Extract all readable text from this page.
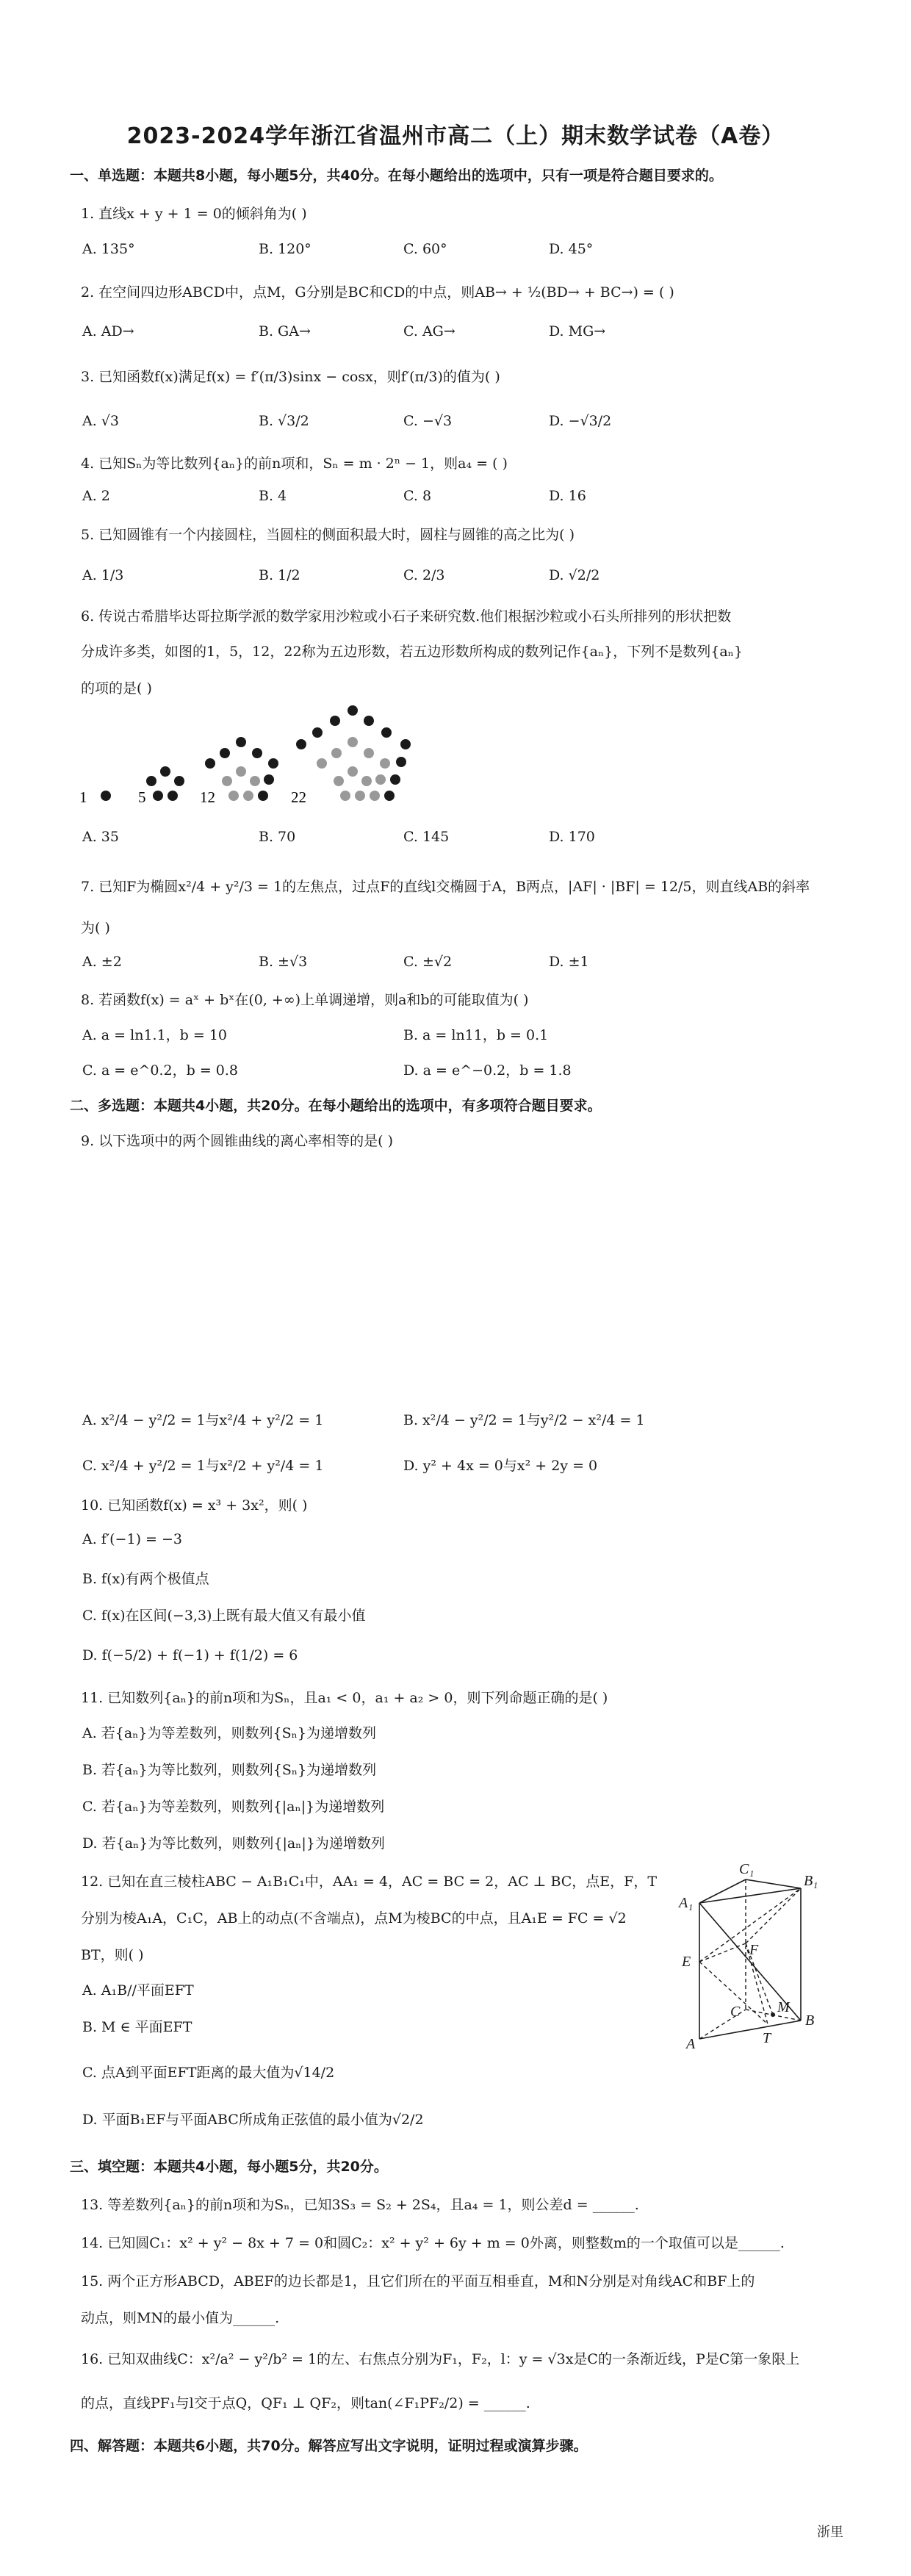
2023-2024学年浙江省温州市高二（上）期末数学试卷（A卷）
一、单选题：本题共8小题，每小题5分，共40分。在每小题给出的选项中，只有一项是符合题目要求的。
1. 直线x + y + 1 = 0的倾斜角为( )
A. 135°	B. 120°	C. 60°	D. 45°
2. 在空间四边形ABCD中，点M，G分别是BC和CD的中点，则AB→ + ½(BD→ + BC→) = ( )
A. AD→	B. GA→	C. AG→	D. MG→
3. 已知函数f(x)满足f(x) = f′(π/3)sinx − cosx，则f′(π/3)的值为( )
A. √3	B. √3/2	C. −√3	D. −√3/2
4. 已知Sₙ为等比数列{aₙ}的前n项和，Sₙ = m · 2ⁿ − 1，则a₄ = ( )
A. 2	B. 4	C. 8	D. 16
5. 已知圆锥有一个内接圆柱，当圆柱的侧面积最大时，圆柱与圆锥的高之比为( )
A. 1/3	B. 1/2	C. 2/3	D. √2/2
6. 传说古希腊毕达哥拉斯学派的数学家用沙粒或小石子来研究数.他们根据沙粒或小石头所排列的形状把数
分成许多类，如图的1，5，12，22称为五边形数，若五边形数所构成的数列记作{aₙ}，下列不是数列{aₙ}
的项的是( )
1	5	12	22
A. 35	B. 70	C. 145	D. 170
7. 已知F为椭圆x²/4 + y²/3 = 1的左焦点，过点F的直线l交椭圆于A，B两点，|AF| · |BF| = 12/5，则直线AB的斜率
为( )
A. ±2	B. ±√3	C. ±√2	D. ±1
8. 若函数f(x) = aˣ + bˣ在(0, +∞)上单调递增，则a和b的可能取值为( )
A. a = ln1.1，b = 10	B. a = ln11，b = 0.1
C. a = e^0.2，b = 0.8	D. a = e^−0.2，b = 1.8
二、多选题：本题共4小题，共20分。在每小题给出的选项中，有多项符合题目要求。
9. 以下选项中的两个圆锥曲线的离心率相等的是( )
A. x²/4 − y²/2 = 1与x²/4 + y²/2 = 1	B. x²/4 − y²/2 = 1与y²/2 − x²/4 = 1
C. x²/4 + y²/2 = 1与x²/2 + y²/4 = 1	D. y² + 4x = 0与x² + 2y = 0
10. 已知函数f(x) = x³ + 3x²，则( )
A. f′(−1) = −3
B. f(x)有两个极值点
C. f(x)在区间(−3,3)上既有最大值又有最小值
D. f(−5/2) + f(−1) + f(1/2) = 6
11. 已知数列{aₙ}的前n项和为Sₙ，且a₁ < 0，a₁ + a₂ > 0，则下列命题正确的是( )
A. 若{aₙ}为等差数列，则数列{Sₙ}为递增数列
B. 若{aₙ}为等比数列，则数列{Sₙ}为递增数列
C. 若{aₙ}为等差数列，则数列{|aₙ|}为递增数列
D. 若{aₙ}为等比数列，则数列{|aₙ|}为递增数列
12. 已知在直三棱柱ABC − A₁B₁C₁中，AA₁ = 4，AC = BC = 2，AC ⊥ BC，点E，F，T
分别为棱A₁A，C₁C，AB上的动点(不含端点)，点M为棱BC的中点，且A₁E = FC = √2
BT，则( )
A. A₁B//平面EFT
B. M ∈ 平面EFT
C. 点A到平面EFT距离的最大值为√14/2
D. 平面B₁EF与平面ABC所成角正弦值的最小值为√2/2
C₁
B₁
A₁
E
F
C	M
B
A	T
三、填空题：本题共4小题，每小题5分，共20分。
13. 等差数列{aₙ}的前n项和为Sₙ，已知3S₃ = S₂ + 2S₄，且a₄ = 1，则公差d = ______.
14. 已知圆C₁：x² + y² − 8x + 7 = 0和圆C₂：x² + y² + 6y + m = 0外离，则整数m的一个取值可以是______.
15. 两个正方形ABCD，ABEF的边长都是1，且它们所在的平面互相垂直，M和N分别是对角线AC和BF上的
动点，则MN的最小值为______.
16. 已知双曲线C：x²/a² − y²/b² = 1的左、右焦点分别为F₁，F₂，l：y = √3x是C的一条渐近线，P是C第一象限上
的点，直线PF₁与l交于点Q，QF₁ ⊥ QF₂，则tan(∠F₁PF₂/2) = ______.
四、解答题：本题共6小题，共70分。解答应写出文字说明，证明过程或演算步骤。
浙里
